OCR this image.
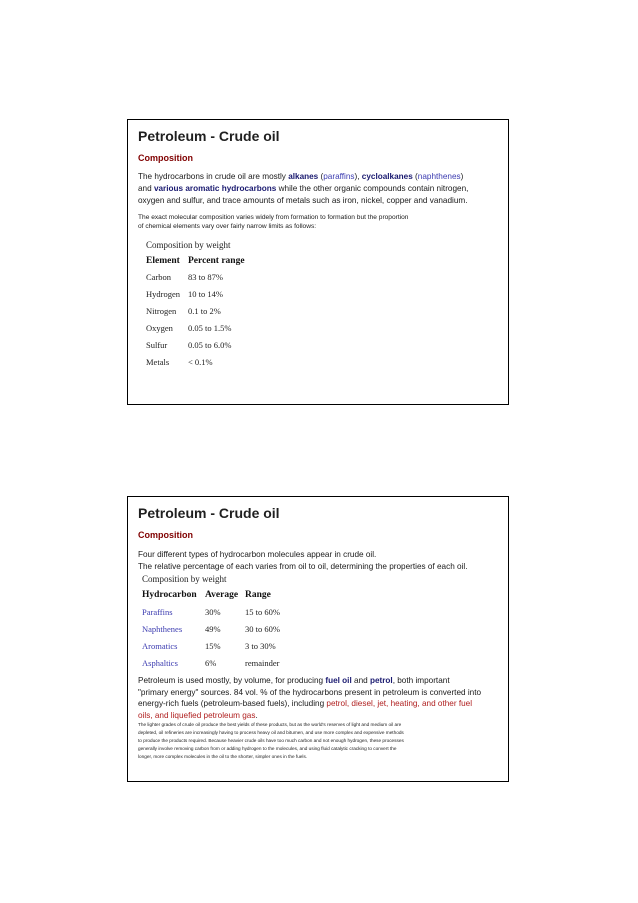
Petroleum - Crude oil
Composition
The hydrocarbons in crude oil are mostly alkanes (paraffins), cycloalkanes (naphthenes)
and various aromatic hydrocarbons while the other organic compounds contain nitrogen,
oxygen and sulfur, and trace amounts of metals such as iron, nickel, copper and vanadium.
The exact molecular composition varies widely from formation to formation but the proportion
of chemical elements vary over fairly narrow limits as follows:
Composition by weight
Element Percent range
Carbon 83 to 87%
Hydrogen 10 to 14%
Nitrogen 0.1 to 2%
Oxygen 0.05 to 1.5%
Sulfur 0.05 to 6.0%
Metals < 0.1%
Petroleum - Crude oil
Composition
Four different types of hydrocarbon molecules appear in crude oil.
The relative percentage of each varies from oil to oil, determining the properties of each oil.
Composition by weight
Hydrocarbon Average Range
Paraffins	30%	15 to 60%
Naphthenes	49%	30 to 60%
Aromatics	15%	3 to 30%
Asphaltics	6%	remainder
Petroleum is used mostly, by volume, for producing fuel oil and petrol, both important
"primary energy" sources. 84 vol. % of the hydrocarbons present in petroleum is converted into
energy-rich fuels (petroleum-based fuels), including petrol, diesel, jet, heating, and other fuel
oils, and liquefied petroleum gas.
The lighter grades of crude oil produce the best yields of these products, but as the world's reserves of light and medium oil are
depleted, oil refineries are increasingly having to process heavy oil and bitumen, and use more complex and expensive methods
to produce the products required. Because heavier crude oils have too much carbon and not enough hydrogen, these processes
generally involve removing carbon from or adding hydrogen to the molecules, and using fluid catalytic cracking to convert the
longer, more complex molecules in the oil to the shorter, simpler ones in the fuels.
